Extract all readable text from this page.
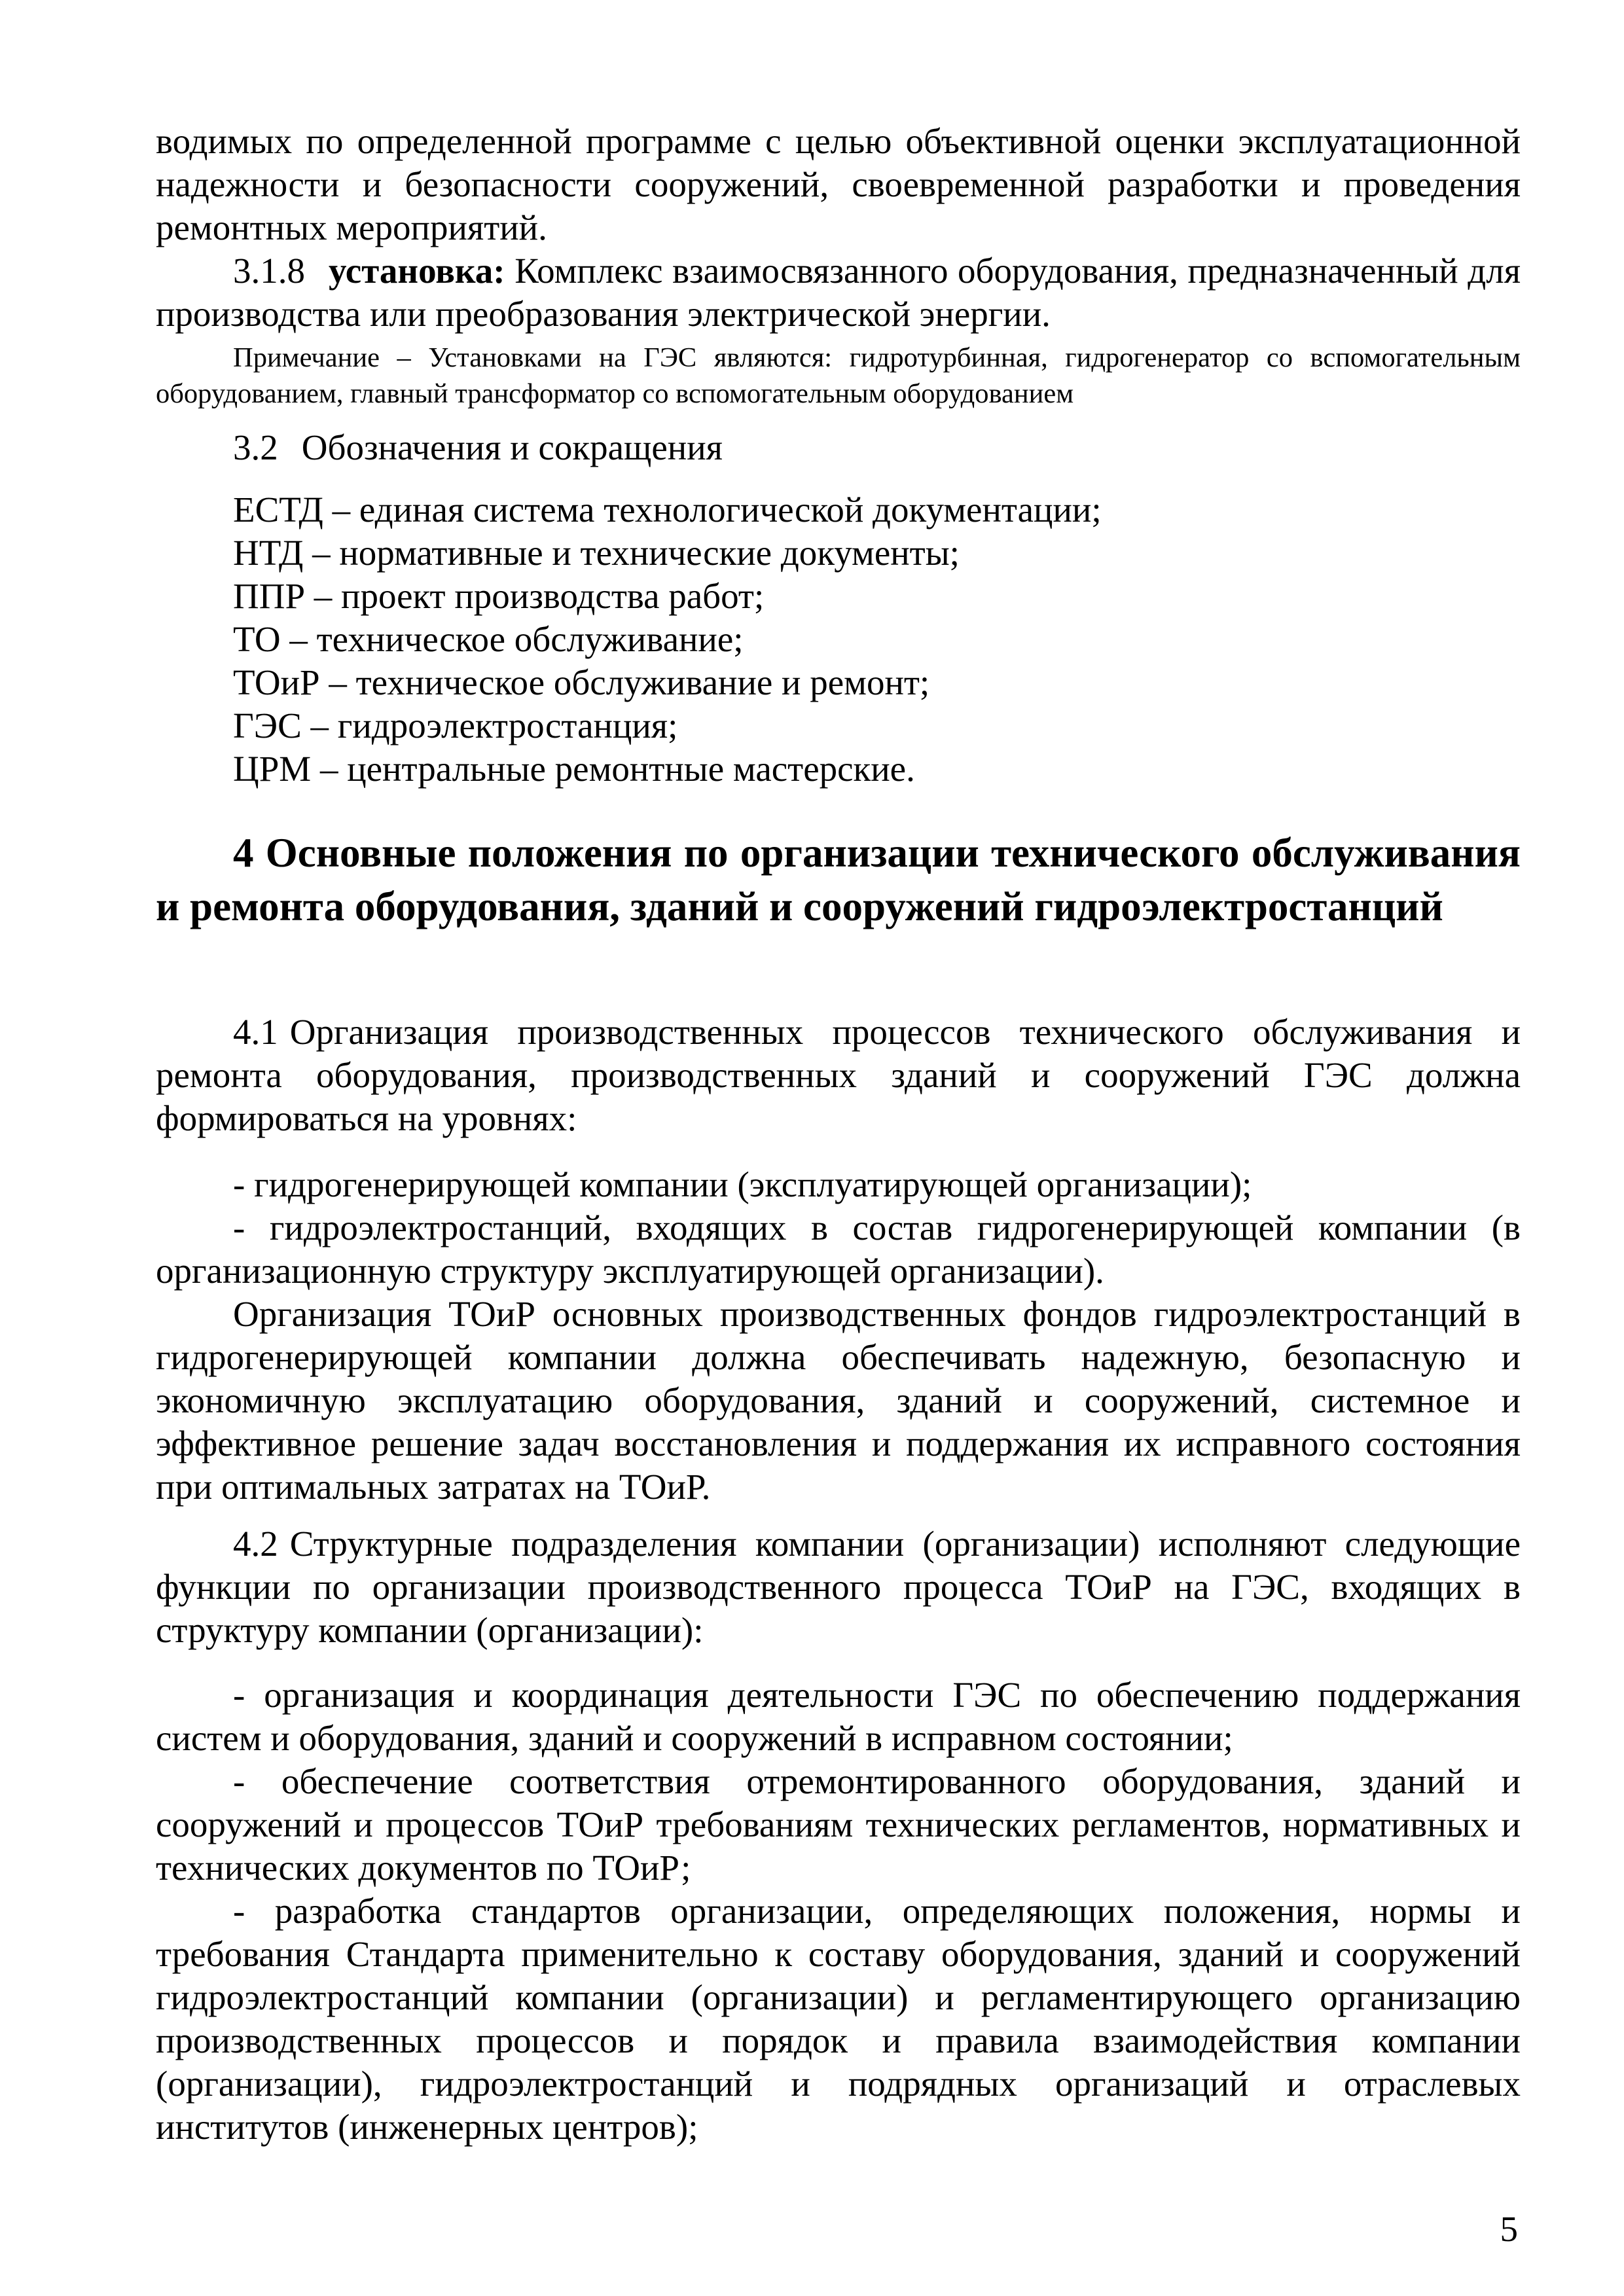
водимых по определенной программе с целью объективной оценки эксплуатационной надежности и безопасности сооружений, своевременной разработки и проведения ремонтных мероприятий.

3.1.8 установка: Комплекс взаимосвязанного оборудования, предназначенный для производства или преобразования электрической энергии.

Примечание – Установками на ГЭС являются: гидротурбинная, гидрогенератор со вспомогательным оборудованием, главный трансформатор со вспомогательным оборудованием

3.2 Обозначения и сокращения

ЕСТД – единая система технологической документации;

НТД – нормативные и технические документы;

ППР – проект производства работ;

ТО – техническое обслуживание;

ТОиР – техническое обслуживание и ремонт;

ГЭС – гидроэлектростанция;

ЦРМ – центральные ремонтные мастерские.

4 Основные положения по организации технического обслуживания и ремонта оборудования, зданий и сооружений гидроэлектростанций

4.1 Организация производственных процессов технического обслуживания и ремонта оборудования, производственных зданий и сооружений ГЭС должна формироваться на уровнях:

- гидрогенерирующей компании (эксплуатирующей организации);

- гидроэлектростанций, входящих в состав гидрогенерирующей компании (в организационную структуру эксплуатирующей организации).

Организация ТОиР основных производственных фондов гидроэлектростанций в гидрогенерирующей компании должна обеспечивать надежную, безопасную и экономичную эксплуатацию оборудования, зданий и сооружений, системное и эффективное решение задач восстановления и поддержания их исправного состояния при оптимальных затратах на ТОиР.

4.2 Структурные подразделения компании (организации) исполняют следующие функции по организации производственного процесса ТОиР на ГЭС, входящих в структуру компании (организации):

- организация и координация деятельности ГЭС по обеспечению поддержания систем и оборудования, зданий и сооружений в исправном состоянии;

- обеспечение соответствия отремонтированного оборудования, зданий и сооружений и процессов ТОиР требованиям технических регламентов, нормативных и технических документов по ТОиР;

- разработка стандартов организации, определяющих положения, нормы и требования Стандарта применительно к составу оборудования, зданий и сооружений гидроэлектростанций компании (организации) и регламентирующего организацию производственных процессов и порядок и правила взаимодействия компании (организации), гидроэлектростанций и подрядных организаций и отраслевых институтов (инженерных центров);

5
